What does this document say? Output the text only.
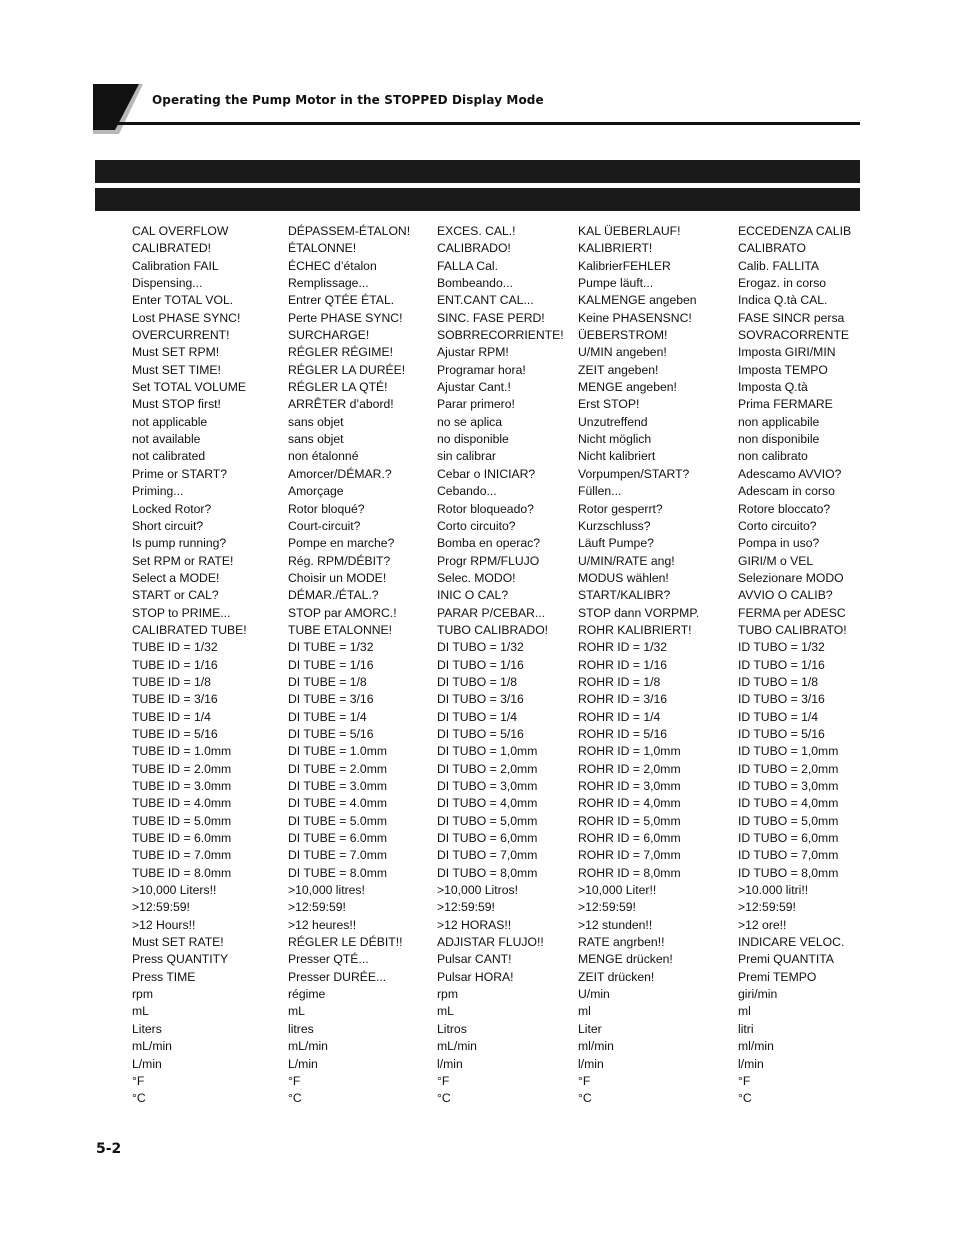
Operating the Pump Motor in the STOPPED Display Mode
CAL OVERFLOW
CALIBRATED!
Calibration FAIL
Dispensing...
Enter TOTAL VOL.
Lost PHASE SYNC!
OVERCURRENT!
Must SET RPM!
Must SET TIME!
Set TOTAL VOLUME
Must STOP first!
not applicable
not available
not calibrated
Prime or START?
Priming...
Locked Rotor?
Short circuit?
Is pump running?
Set RPM or RATE!
Select a MODE!
START or CAL?
STOP to PRIME...
CALIBRATED TUBE!
TUBE ID = 1/32
TUBE ID = 1/16
TUBE ID = 1/8
TUBE ID = 3/16
TUBE ID = 1/4
TUBE ID = 5/16
TUBE ID = 1.0mm
TUBE ID = 2.0mm
TUBE ID = 3.0mm
TUBE ID = 4.0mm
TUBE ID = 5.0mm
TUBE ID = 6.0mm
TUBE ID = 7.0mm
TUBE ID = 8.0mm
>10,000 Liters!!
>12:59:59!
>12 Hours!!
Must SET RATE!
Press QUANTITY
Press TIME
rpm
mL
Liters
mL/min
L/min
°F
°C
DÉPASSEM-ÉTALON!
ÉTALONNE!
ÉCHEC d’étalon
Remplissage...
Entrer QTÉE ÉTAL.
Perte PHASE SYNC!
SURCHARGE!
RÉGLER RÉGIME!
RÉGLER LA DURÉE!
RÉGLER LA QTÉ!
ARRÊTER d’abord!
sans objet
sans objet
non étalonné
Amorcer/DÉMAR.?
Amorçage
Rotor bloqué?
Court-circuit?
Pompe en marche?
Rég. RPM/DÉBIT?
Choisir un MODE!
DÉMAR./ÉTAL.?
STOP par AMORC.!
TUBE ETALONNE!
DI TUBE = 1/32
DI TUBE = 1/16
DI TUBE = 1/8
DI TUBE = 3/16
DI TUBE = 1/4
DI TUBE = 5/16
DI TUBE = 1.0mm
DI TUBE = 2.0mm
DI TUBE = 3.0mm
DI TUBE = 4.0mm
DI TUBE = 5.0mm
DI TUBE = 6.0mm
DI TUBE = 7.0mm
DI TUBE = 8.0mm
>10,000 litres!
>12:59:59!
>12 heures!!
RÉGLER LE DÉBIT!!
Presser QTÉ...
Presser DURÉE...
régime
mL
litres
mL/min
L/min
°F
°C
EXCES. CAL.!
CALIBRADO!
FALLA Cal.
Bombeando...
ENT.CANT CAL...
SINC. FASE PERD!
SOBRRECORRIENTE!
Ajustar RPM!
Programar hora!
Ajustar Cant.!
Parar primero!
no se aplica
no disponible
sin calibrar
Cebar o INICIAR?
Cebando...
Rotor bloqueado?
Corto circuito?
Bomba en operac?
Progr RPM/FLUJO
Selec. MODO!
INIC O CAL?
PARAR P/CEBAR...
TUBO CALIBRADO!
DI TUBO = 1/32
DI TUBO = 1/16
DI TUBO = 1/8
DI TUBO = 3/16
DI TUBO = 1/4
DI TUBO = 5/16
DI TUBO = 1,0mm
DI TUBO = 2,0mm
DI TUBO = 3,0mm
DI TUBO = 4,0mm
DI TUBO = 5,0mm
DI TUBO = 6,0mm
DI TUBO = 7,0mm
DI TUBO = 8,0mm
>10,000 Litros!
>12:59:59!
>12 HORAS!!
ADJISTAR FLUJO!!
Pulsar CANT!
Pulsar HORA!
rpm
mL
Litros
mL/min
l/min
°F
°C
KAL ÜEBERLAUF!
KALIBRIERT!
KalibrierFEHLER
Pumpe läuft...
KALMENGE angeben
Keine PHASENSNC!
ÜEBERSTROM!
U/MIN angeben!
ZEIT angeben!
MENGE angeben!
Erst STOP!
Unzutreffend
Nicht möglich
Nicht kalibriert
Vorpumpen/START?
Füllen...
Rotor gesperrt?
Kurzschluss?
Läuft Pumpe?
U/MIN/RATE ang!
MODUS wählen!
START/KALIBR?
STOP dann VORPMP.
ROHR KALIBRIERT!
ROHR ID = 1/32
ROHR ID = 1/16
ROHR ID = 1/8
ROHR ID = 3/16
ROHR ID = 1/4
ROHR ID = 5/16
ROHR ID = 1,0mm
ROHR ID = 2,0mm
ROHR ID = 3,0mm
ROHR ID = 4,0mm
ROHR ID = 5,0mm
ROHR ID = 6,0mm
ROHR ID = 7,0mm
ROHR ID = 8,0mm
>10,000 Liter!!
>12:59:59!
>12 stunden!!
RATE angrben!!
MENGE drücken!
ZEIT drücken!
U/min
ml
Liter
ml/min
l/min
°F
°C
ECCEDENZA CALIB
CALIBRATO
Calib. FALLITA
Erogaz. in corso
Indica Q.tà CAL.
FASE SINCR persa
SOVRACORRENTE
Imposta GIRI/MIN
Imposta TEMPO
Imposta Q.tà
Prima FERMARE
non applicabile
non disponibile
non calibrato
Adescamo AVVIO?
Adescam in corso
Rotore bloccato?
Corto circuito?
Pompa in uso?
GIRI/M o VEL
Selezionare MODO
AVVIO O CALIB?
FERMA per ADESC
TUBO CALIBRATO!
ID TUBO = 1/32
ID TUBO = 1/16
ID TUBO = 1/8
ID TUBO = 3/16
ID TUBO = 1/4
ID TUBO = 5/16
ID TUBO = 1,0mm
ID TUBO = 2,0mm
ID TUBO = 3,0mm
ID TUBO = 4,0mm
ID TUBO = 5,0mm
ID TUBO = 6,0mm
ID TUBO = 7,0mm
ID TUBO = 8,0mm
>10.000 litri!!
>12:59:59!
>12 ore!!
INDICARE VELOC.
Premi QUANTITA
Premi TEMPO
giri/min
ml
litri
ml/min
l/min
°F
°C
5-2
